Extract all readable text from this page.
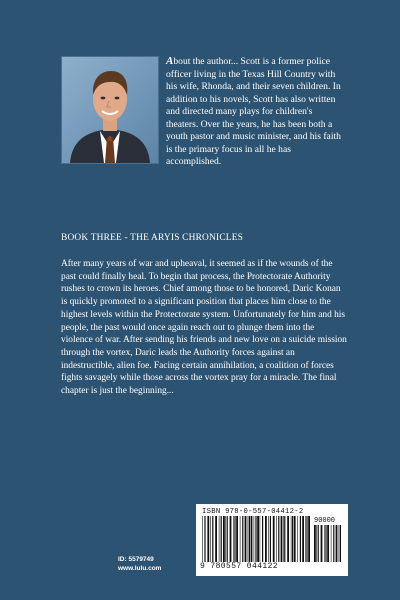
About the author... Scott is a former police officer living in the Texas Hill Country with his wife, Rhonda, and their seven children. In addition to his novels, Scott has also written and directed many plays for children's theaters. Over the years, he has been both a youth pastor and music minister, and his faith is the primary focus in all he has accomplished.

BOOK THREE - THE ARYIS CHRONICLES

After many years of war and upheaval, it seemed as if the wounds of the past could finally heal. To begin that process, the Protectorate Authority rushes to crown its heroes. Chief among those to be honored, Daric Konan is quickly promoted to a significant position that places him close to the highest levels within the Protectorate system. Unfortunately for him and his people, the past would once again reach out to plunge them into the violence of war. After sending his friends and new love on a suicide mission through the vortex, Daric leads the Authority forces against an indestructible, alien foe. Facing certain annihilation, a coalition of forces fights savagely while those across the vortex pray for a miracle. The final chapter is just the beginning...

ID: 5579749
www.lulu.com
ISBN 978-0-557-04412-2
90000
9 780557 044122
